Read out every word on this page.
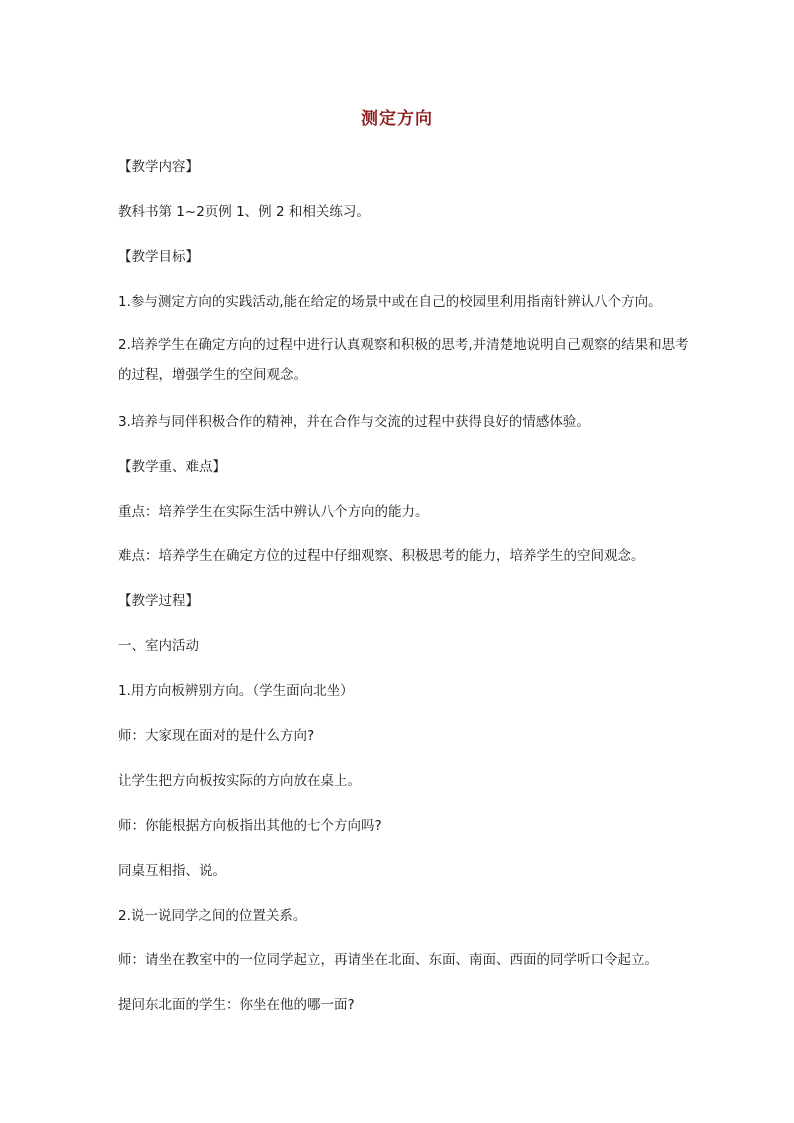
测定方向
【教学内容】
教科书第 1~2页例 1、例 2 和相关练习。
【教学目标】
1.参与测定方向的实践活动,能在给定的场景中或在自己的校园里利用指南针辨认八个方向。
2.培养学生在确定方向的过程中进行认真观察和积极的思考,并清楚地说明自己观察的结果和思考的过程，增强学生的空间观念。
3.培养与同伴积极合作的精神，并在合作与交流的过程中获得良好的情感体验。
【教学重、难点】
重点：培养学生在实际生活中辨认八个方向的能力。
难点：培养学生在确定方位的过程中仔细观察、积极思考的能力，培养学生的空间观念。
【教学过程】
一、室内活动
1.用方向板辨别方向。（学生面向北坐）
师：大家现在面对的是什么方向?
让学生把方向板按实际的方向放在桌上。
师：你能根据方向板指出其他的七个方向吗?
同桌互相指、说。
2.说一说同学之间的位置关系。
师：请坐在教室中的一位同学起立，再请坐在北面、东面、南面、西面的同学听口令起立。
提问东北面的学生：你坐在他的哪一面?
